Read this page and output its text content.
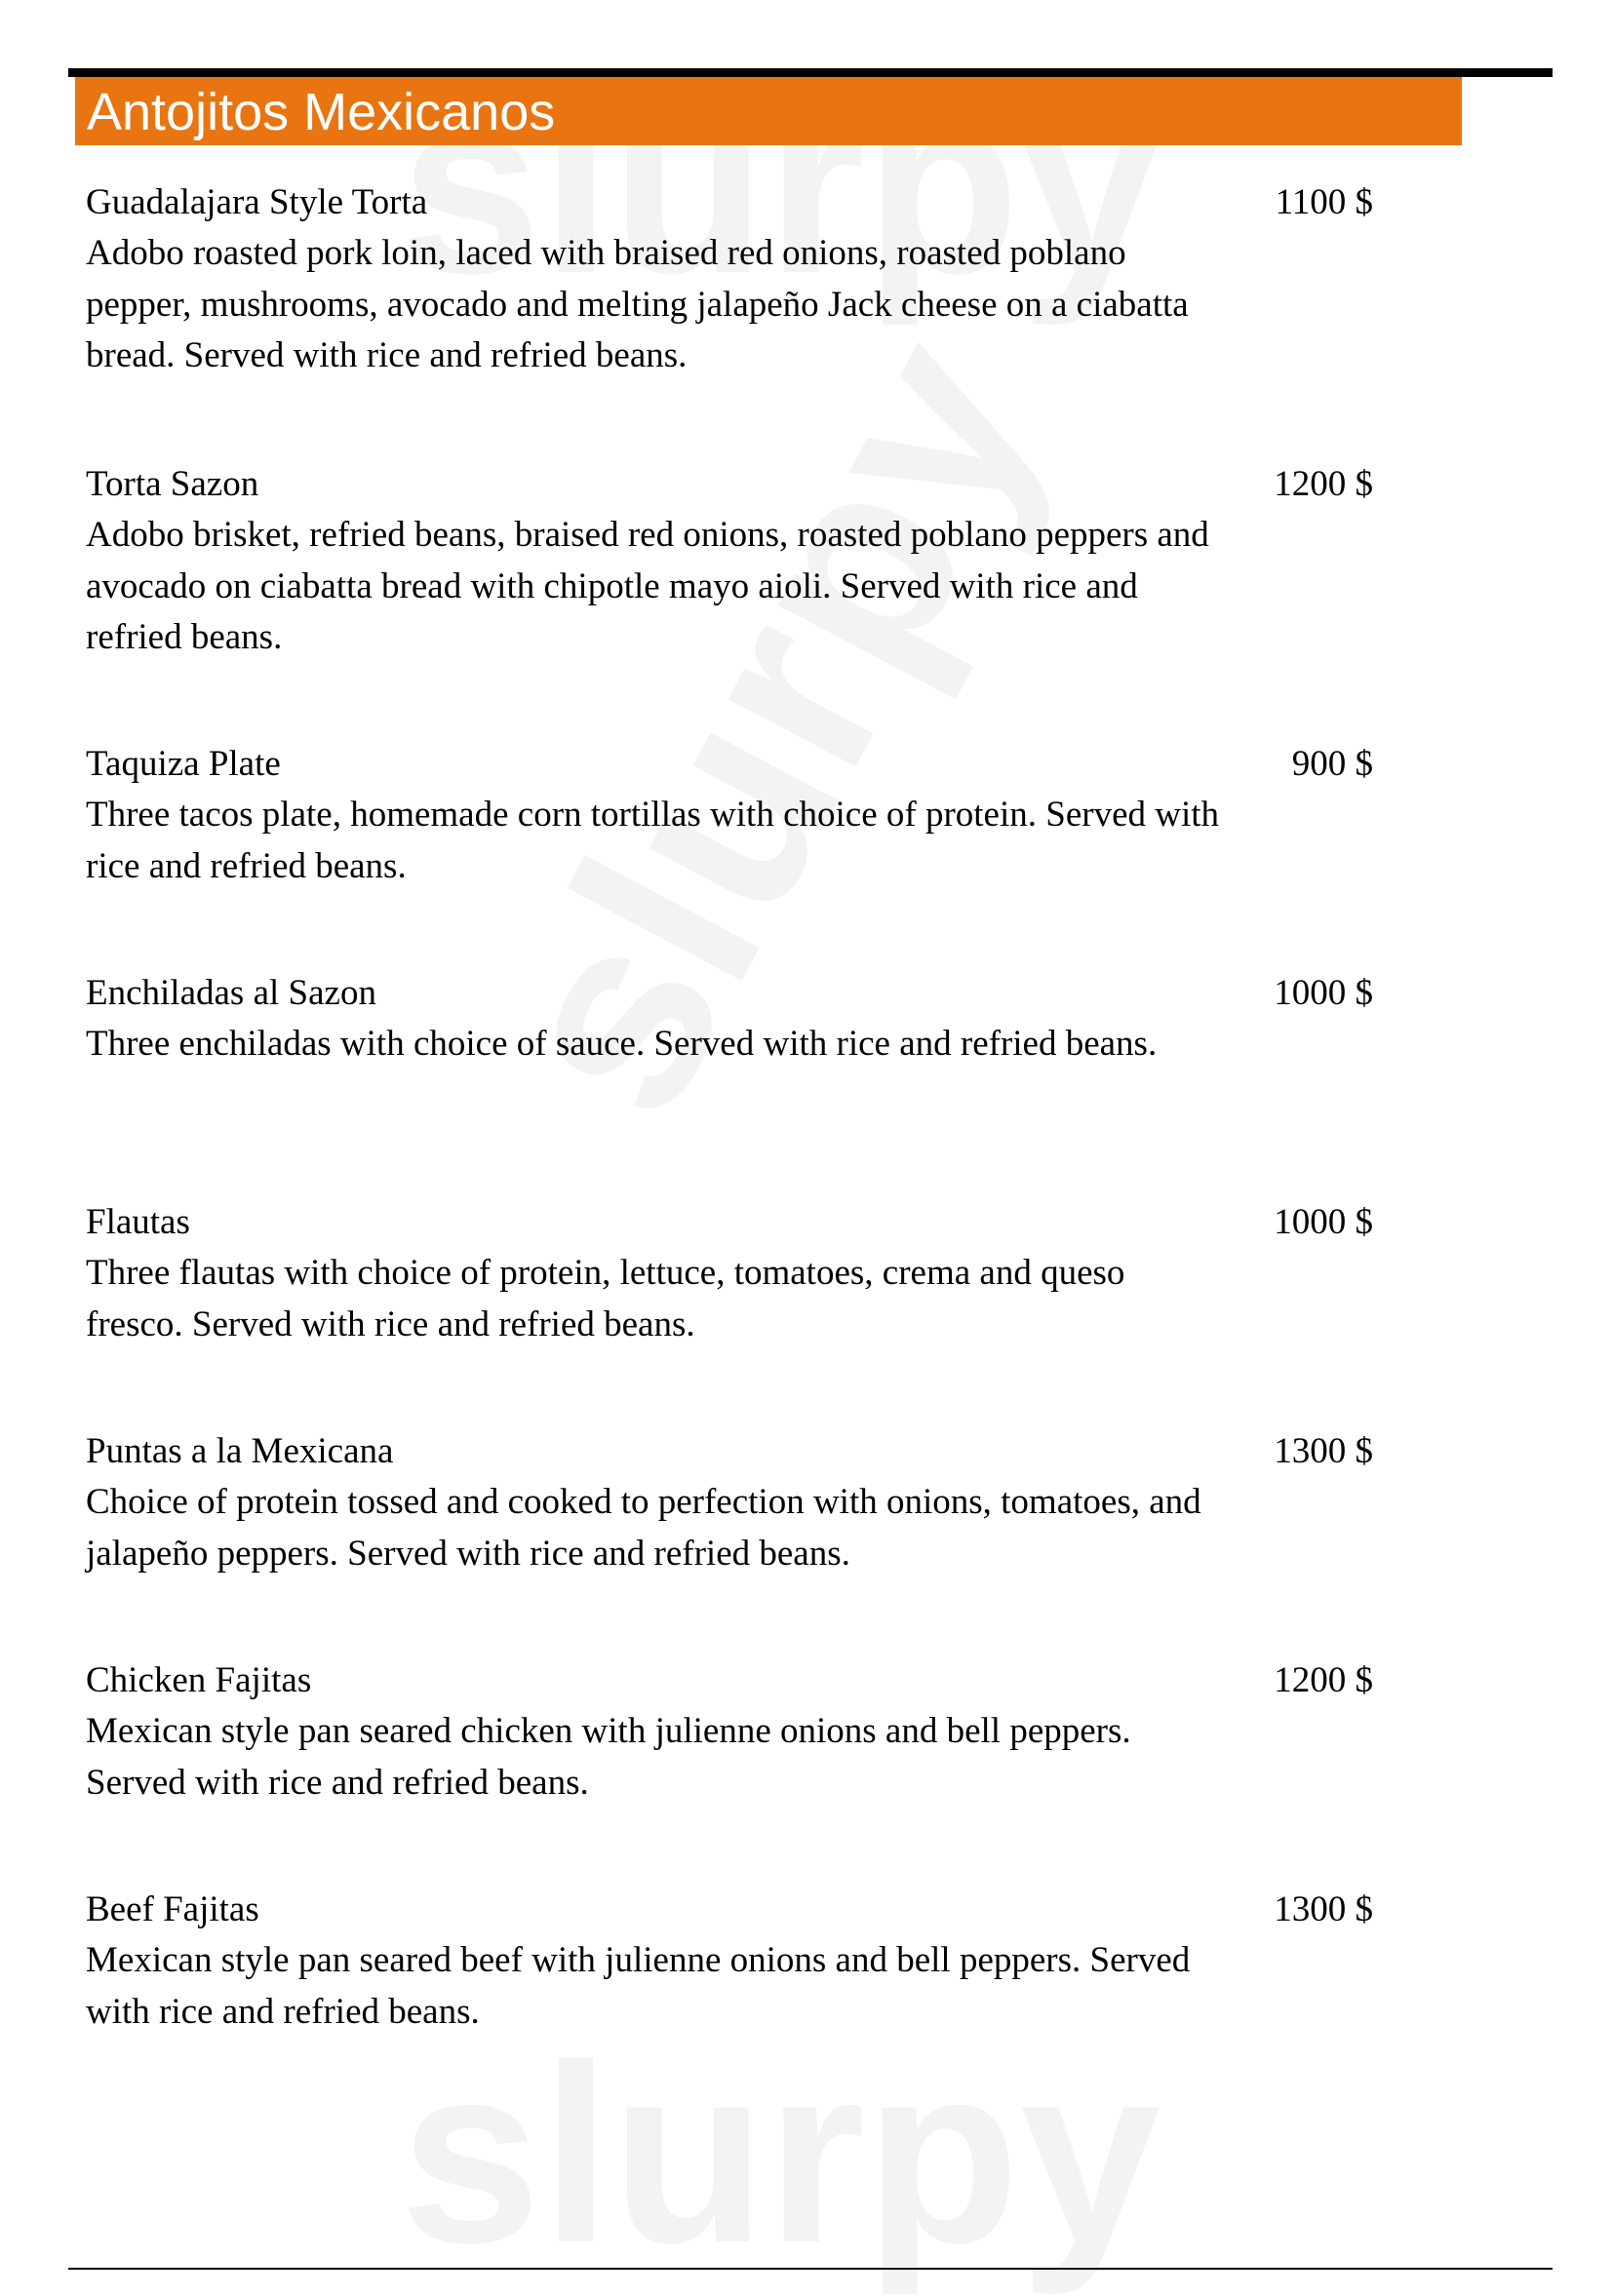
Antojitos Mexicanos
Guadalajara Style Torta	1100 $
Adobo roasted pork loin, laced with braised red onions, roasted poblano pepper, mushrooms, avocado and melting jalapeño Jack cheese on a ciabatta bread. Served with rice and refried beans.
Torta Sazon	1200 $
Adobo brisket, refried beans, braised red onions, roasted poblano peppers and avocado on ciabatta bread with chipotle mayo aioli. Served with rice and refried beans.
Taquiza Plate	900 $
Three tacos plate, homemade corn tortillas with choice of protein. Served with rice and refried beans.
Enchiladas al Sazon	1000 $
Three enchiladas with choice of sauce. Served with rice and refried beans.
Flautas	1000 $
Three flautas with choice of protein, lettuce, tomatoes, crema and queso fresco. Served with rice and refried beans.
Puntas a la Mexicana	1300 $
Choice of protein tossed and cooked to perfection with onions, tomatoes, and jalapeño peppers. Served with rice and refried beans.
Chicken Fajitas	1200 $
Mexican style pan seared chicken with julienne onions and bell peppers. Served with rice and refried beans.
Beef Fajitas	1300 $
Mexican style pan seared beef with julienne onions and bell peppers. Served with rice and refried beans.
